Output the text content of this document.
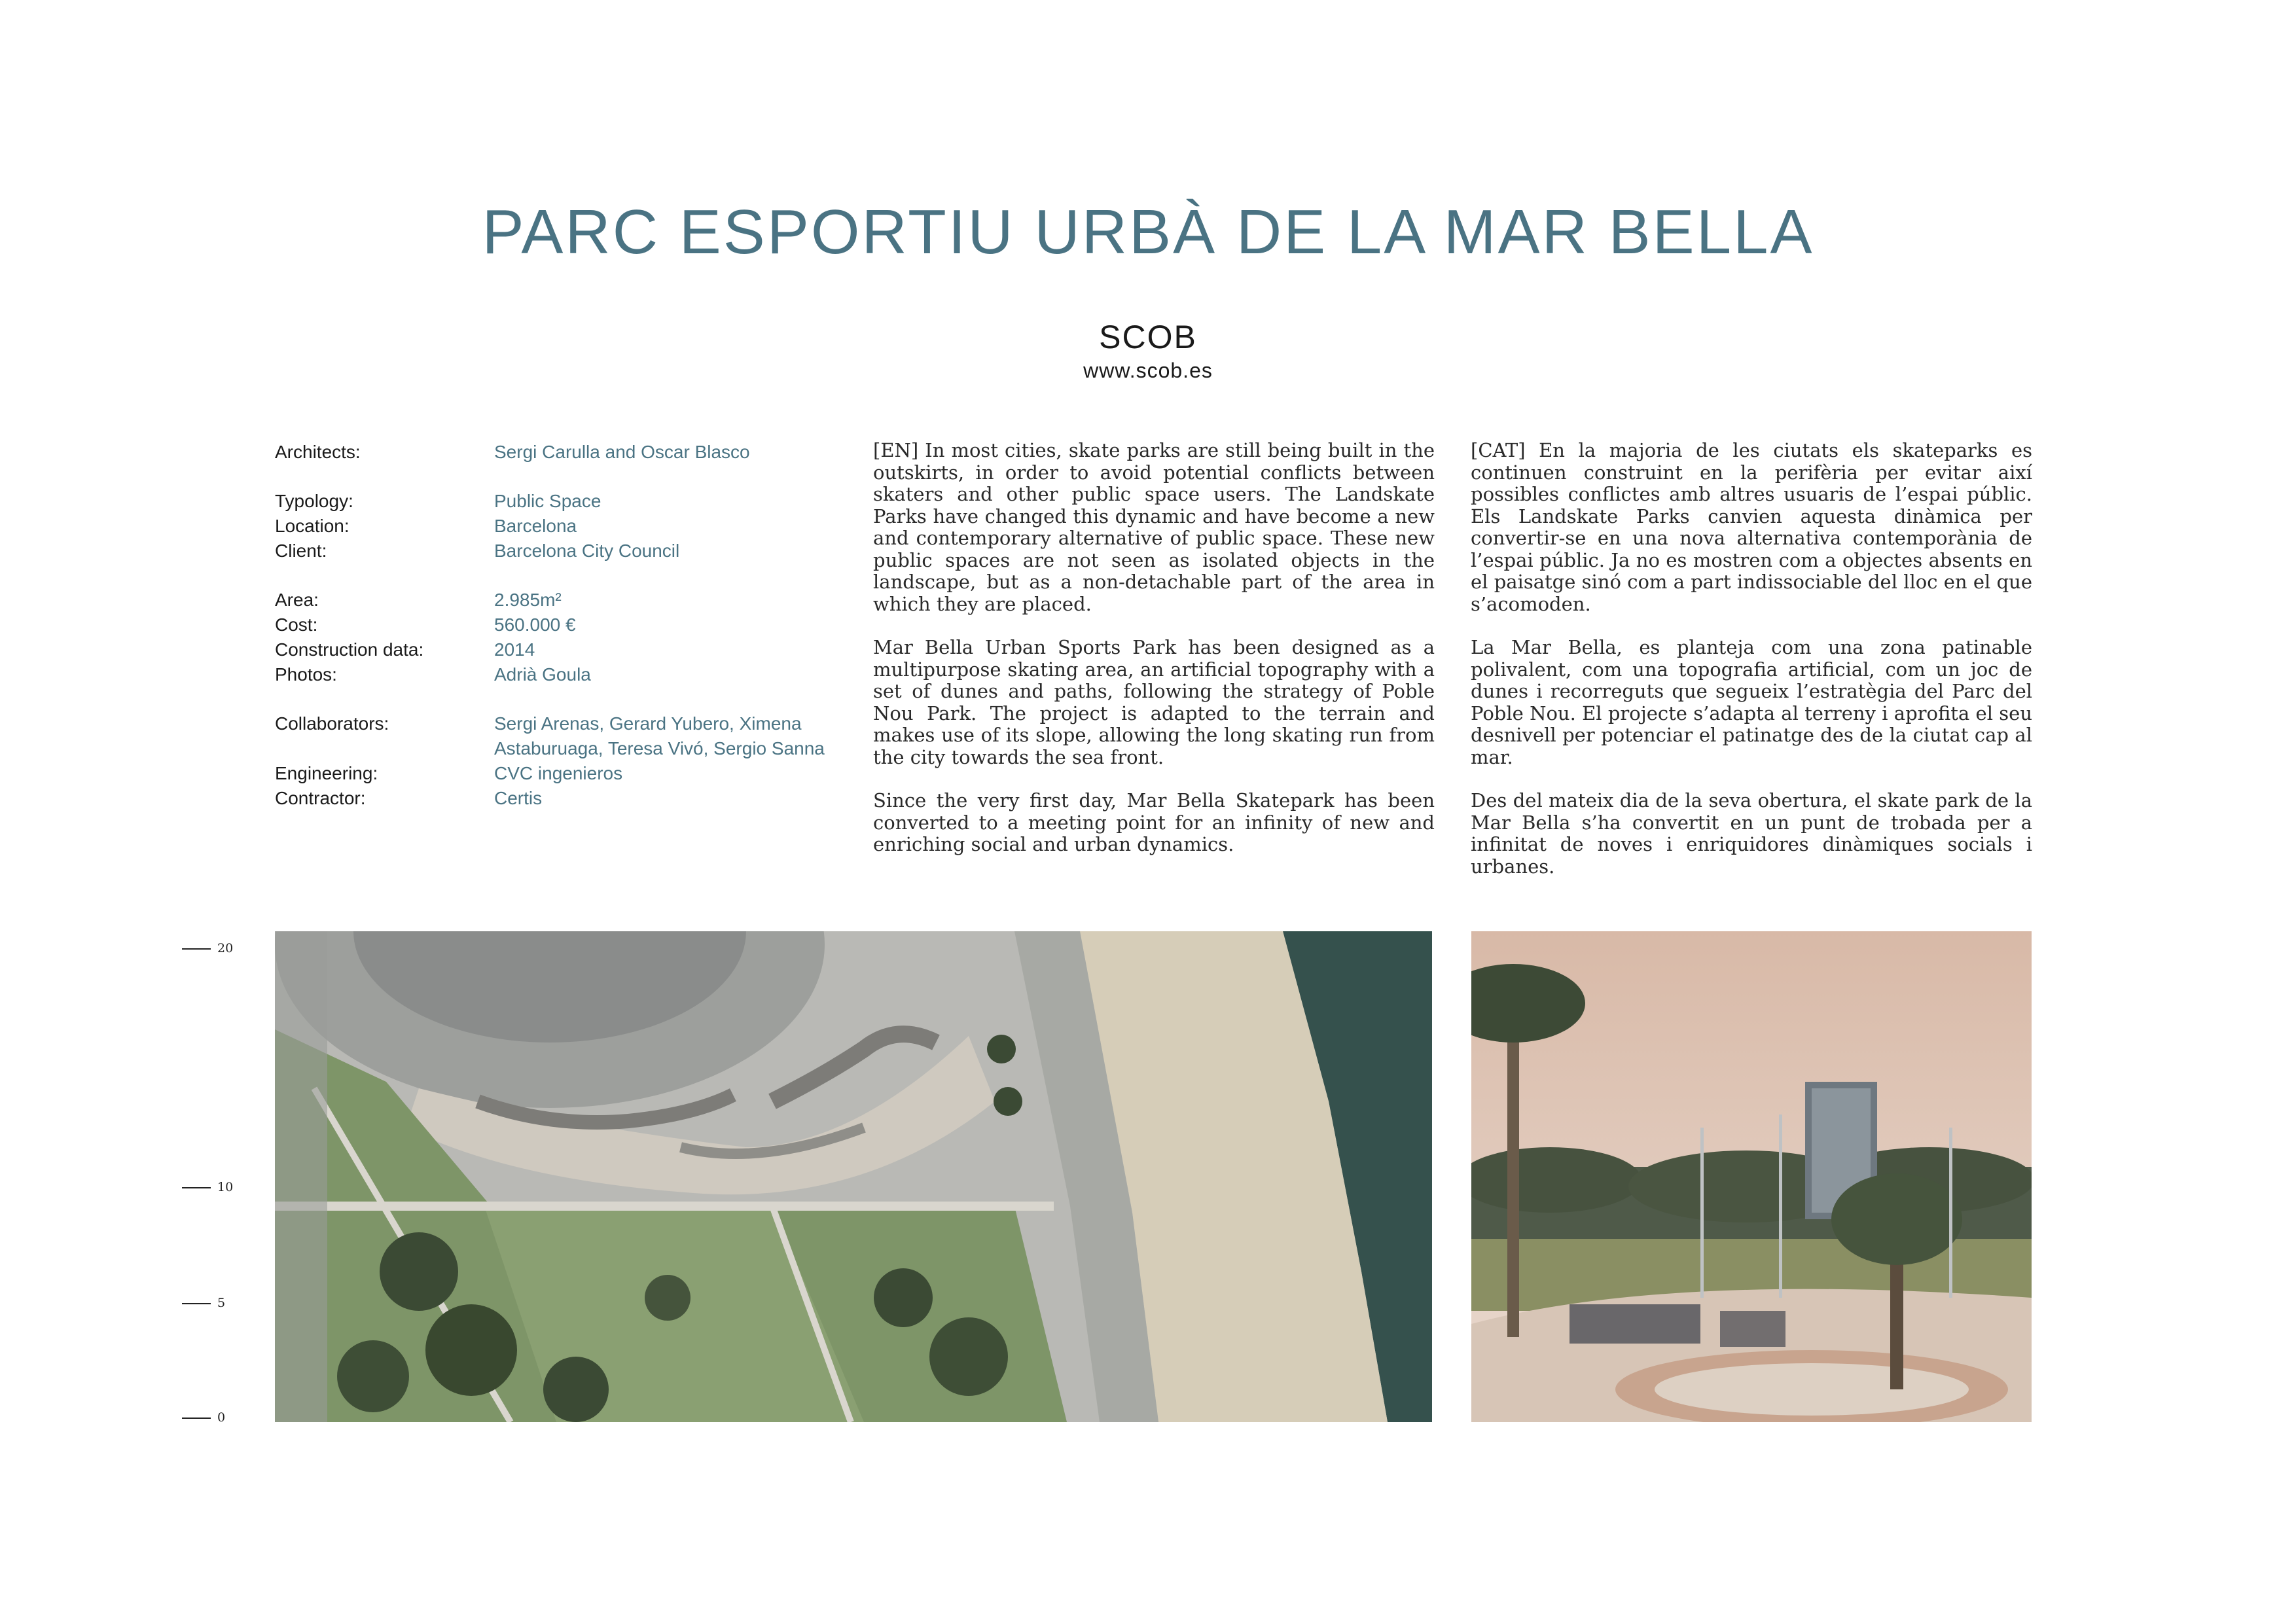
PARC ESPORTIU URBÀ DE LA MAR BELLA
SCOB
www.scob.es
Architects:	Sergi Carulla and Oscar Blasco
Typology:	Public Space
Location:	Barcelona
Client:	Barcelona City Council
Area:	2.985m²
Cost:	560.000 €
Construction data:	2014
Photos:	Adrià Goula
Collaborators:	Sergi Arenas, Gerard Yubero, Ximena Astaburuaga, Teresa Vivó, Sergio Sanna
Engineering:	CVC ingenieros
Contractor:	Certis

[EN] In most cities, skate parks are still being built in the outskirts, in order to avoid potential conflicts between skaters and other public space users. The Landskate Parks have changed this dynamic and have become a new and contemporary alternative of public space. These new public spaces are not seen as isolated objects in the landscape, but as a non-detachable part of the area in which they are placed.

Mar Bella Urban Sports Park has been designed as a multipurpose skating area, an artificial topography with a set of dunes and paths, following the strategy of Poble Nou Park. The project is adapted to the terrain and makes use of its slope, allowing the long skating run from the city towards the sea front.

Since the very first day, Mar Bella Skatepark has been converted to a meeting point for an infinity of new and enriching social and urban dynamics.

[CAT] En la majoria de les ciutats els skateparks es continuen construint en la perifèria per evitar així possibles conflictes amb altres usuaris de l’espai públic. Els Landskate Parks canvien aquesta dinàmica per convertir-se en una nova alternativa contemporània de l’espai públic. Ja no es mostren com a objectes absents en el paisatge sinó com a part indissociable del lloc en el que s’acomoden.

La Mar Bella, es planteja com una zona patinable polivalent, com una topografia artificial, com un joc de dunes i recorreguts que segueix l’estratègia del Parc del Poble Nou. El projecte s’adapta al terreny i aprofita el seu desnivell per potenciar el patinatge des de la ciutat cap al mar.

Des del mateix dia de la seva obertura, el skate park de la Mar Bella s’ha convertit en un punt de trobada per a infinitat de noves i enriquidores dinàmiques socials i urbanes.

20
10
5
0
